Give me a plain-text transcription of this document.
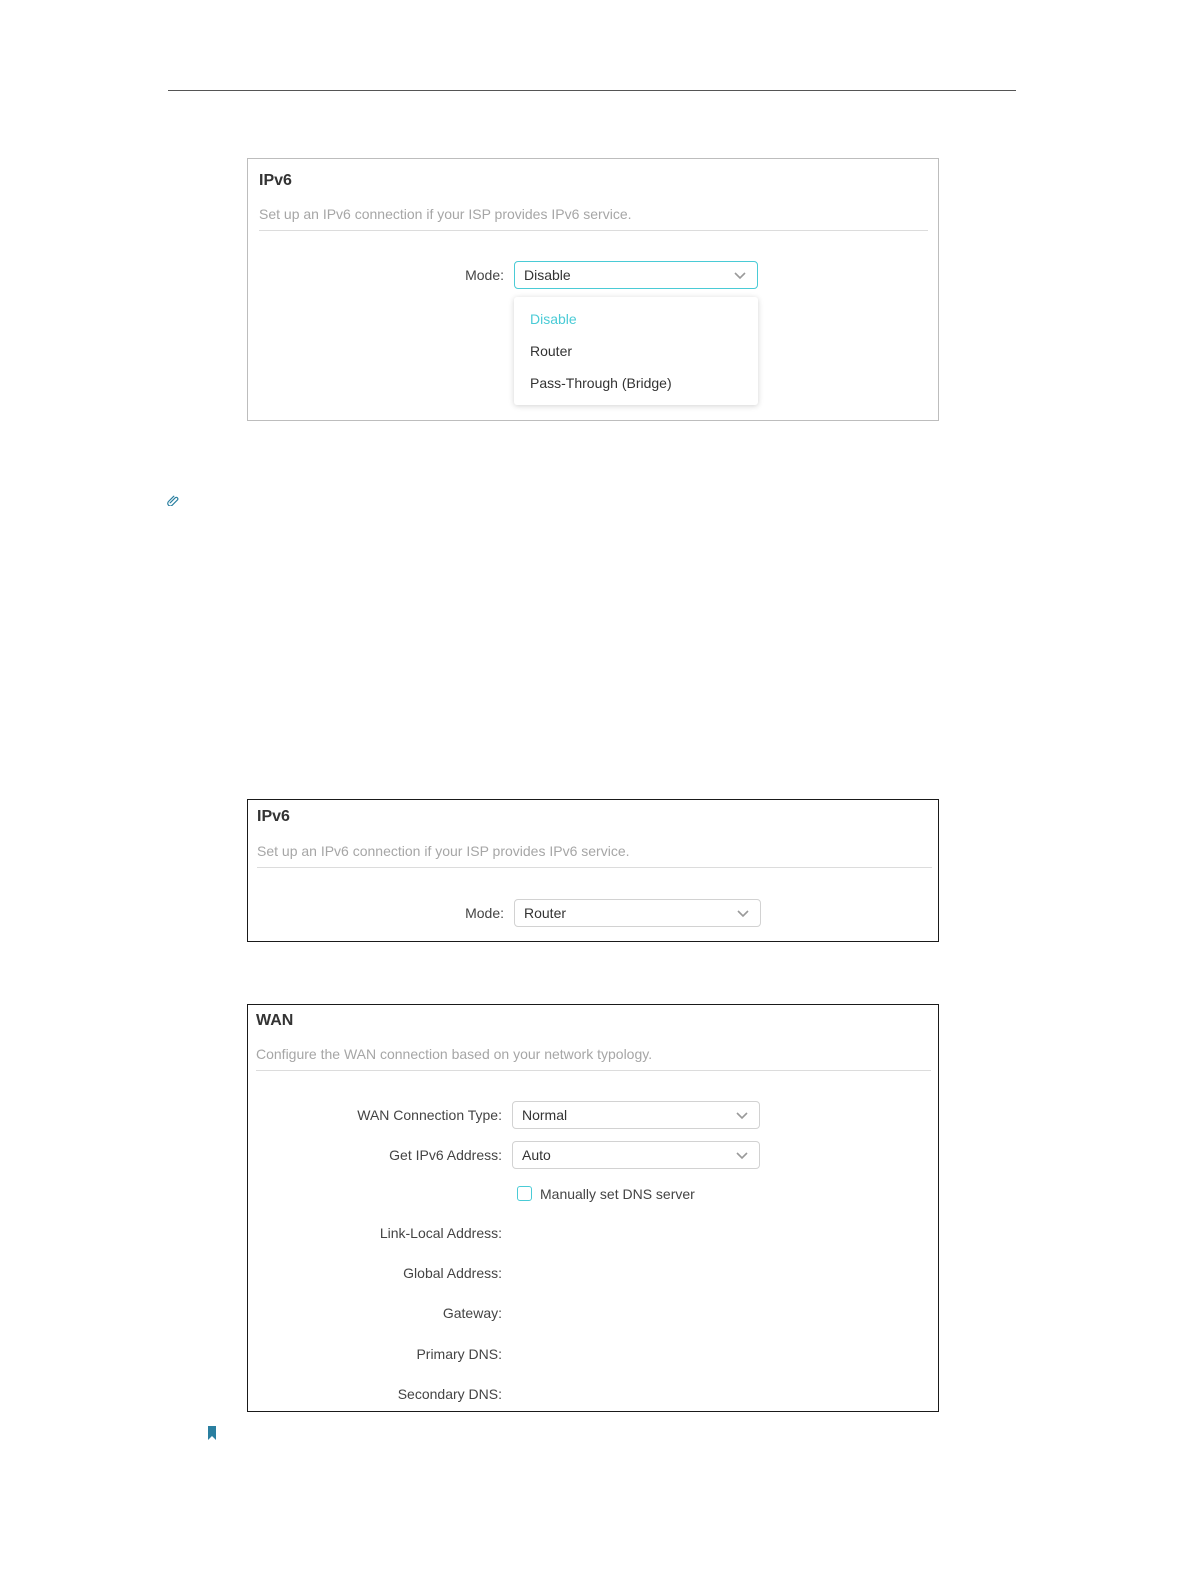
IPv6
Set up an IPv6 connection if your ISP provides IPv6 service.
Mode:	Disable
Disable
Router
Pass-Through (Bridge)
IPv6
Set up an IPv6 connection if your ISP provides IPv6 service.
Mode:	Router
WAN
Configure the WAN connection based on your network typology.
WAN Connection Type:	Normal
Get IPv6 Address:	Auto
Manually set DNS server
Link-Local Address:
Global Address:
Gateway:
Primary DNS:
Secondary DNS:
